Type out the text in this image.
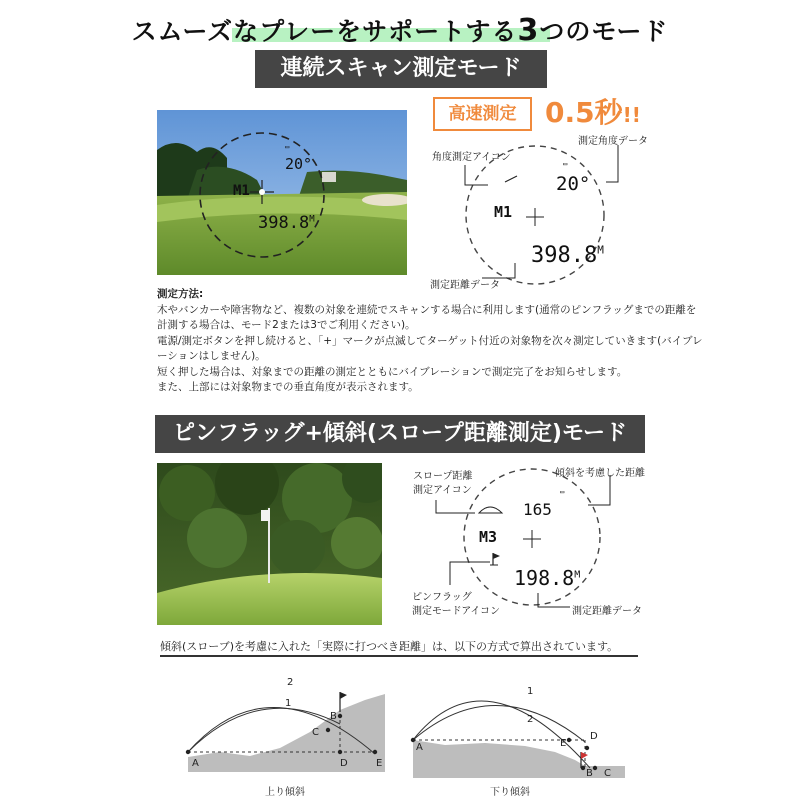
スムーズなプレーをサポートする3つのモード
連続スキャン測定モード
▭
20°
M1
$398.8^M$
高速測定	0.5秒!!
角度測定アイコン
測定角度データ
測定距離データ
▭
20°
M1
$398.8^M$

測定方法:

木やバンカーや障害物など、複数の対象を連続でスキャンする場合に利用します(通常のピンフラッグまでの距離を

計測する場合は、モード2または3でご利用ください)。

電源/測定ボタンを押し続けると、「+」マークが点滅してターゲット付近の対象物を次々測定していきます(バイブレ

ーションはしません)。

短く押した場合は、対象までの距離の測定とともにバイブレーションで測定完了をお知らせします。

また、上部には対象物までの垂直角度が表示されます。

ピンフラッグ+傾斜(スロープ距離測定)モード
スロープ距離
測定アイコン
傾斜を考慮した距離
ピンフラッグ
測定モードアイコン	測定距離データ
▭
165
M3
$198.8^M$
傾斜(スローブ)を考慮に入れた「実際に打つべき距離」は、以下の方式で算出されています。
A
B
C
D	E
1
2
上り傾斜
A
B C
D
E
1
2
下り傾斜
